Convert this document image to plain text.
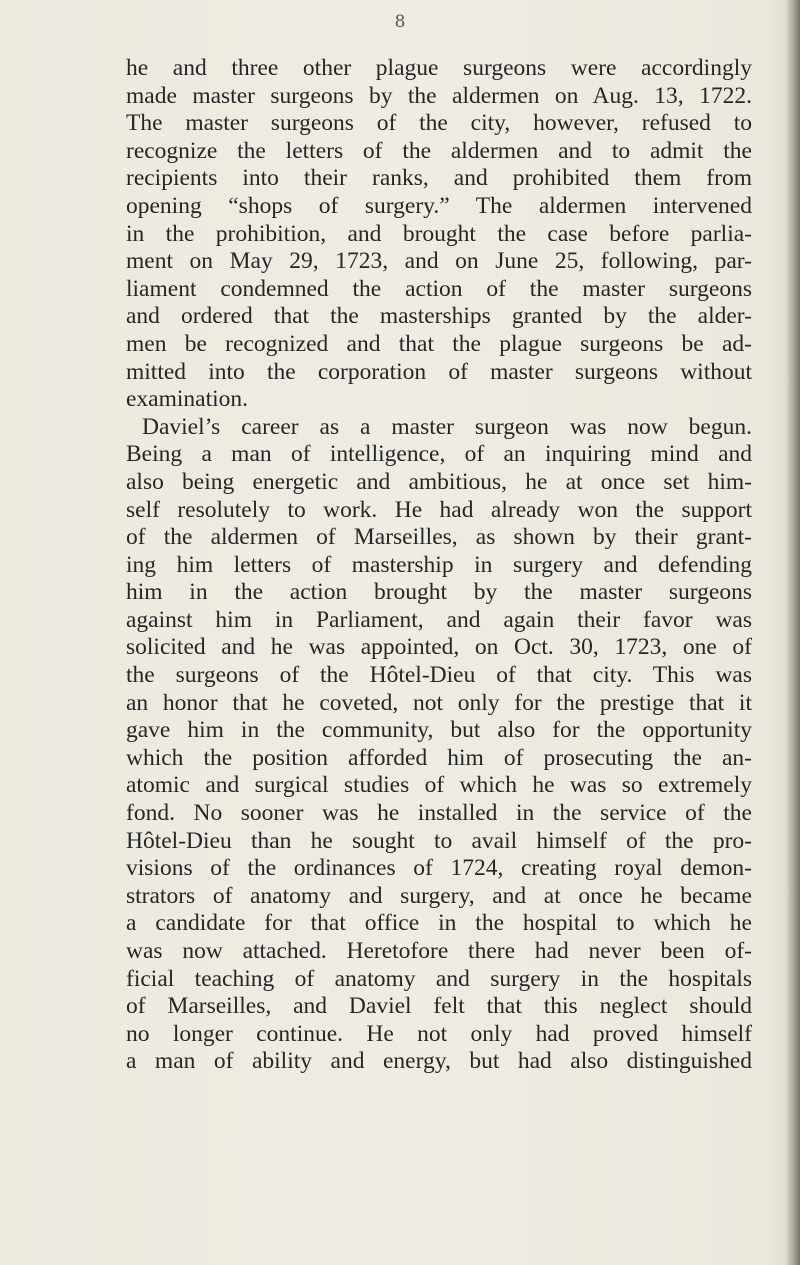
8
he and three other plague surgeons were accordingly
made master surgeons by the aldermen on Aug. 13, 1722.
The master surgeons of the city, however, refused to
recognize the letters of the aldermen and to admit the
recipients into their ranks, and prohibited them from
opening “shops of surgery.” The aldermen intervened
in the prohibition, and brought the case before parlia-
ment on May 29, 1723, and on June 25, following, par-
liament condemned the action of the master surgeons
and ordered that the masterships granted by the alder-
men be recognized and that the plague surgeons be ad-
mitted into the corporation of master surgeons without
examination.
Daviel’s career as a master surgeon was now begun.
Being a man of intelligence, of an inquiring mind and
also being energetic and ambitious, he at once set him-
self resolutely to work. He had already won the support
of the aldermen of Marseilles, as shown by their grant-
ing him letters of mastership in surgery and defending
him in the action brought by the master surgeons
against him in Parliament, and again their favor was
solicited and he was appointed, on Oct. 30, 1723, one of
the surgeons of the Hôtel-Dieu of that city. This was
an honor that he coveted, not only for the prestige that it
gave him in the community, but also for the opportunity
which the position afforded him of prosecuting the an-
atomic and surgical studies of which he was so extremely
fond. No sooner was he installed in the service of the
Hôtel-Dieu than he sought to avail himself of the pro-
visions of the ordinances of 1724, creating royal demon-
strators of anatomy and surgery, and at once he became
a candidate for that office in the hospital to which he
was now attached. Heretofore there had never been of-
ficial teaching of anatomy and surgery in the hospitals
of Marseilles, and Daviel felt that this neglect should
no longer continue. He not only had proved himself
a man of ability and energy, but had also distinguished
